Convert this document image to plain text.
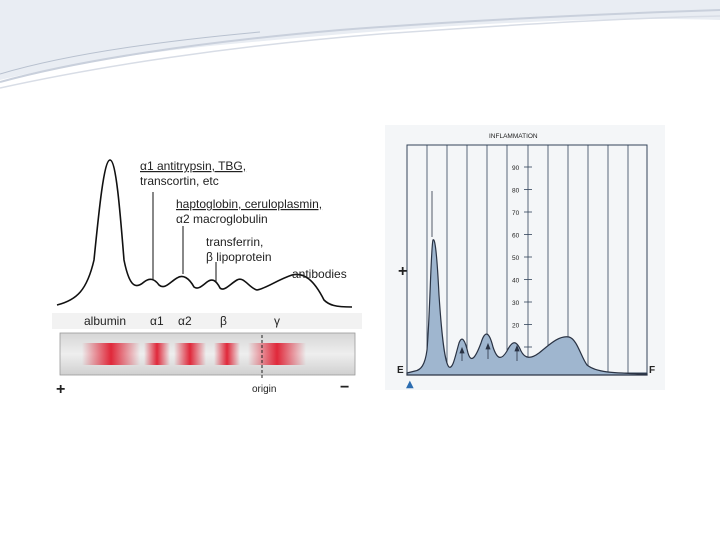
α1 antitrypsin, TBG,
transcortin, etc
haptoglobin, ceruloplasmin,
α2 macroglobulin
transferrin,
β lipoprotein
antibodies
albumin α1 α2 β	γ
+	−
origin
INFLAMMATION
90
80
70
60
50
40
30
20
+
E	F
▲
